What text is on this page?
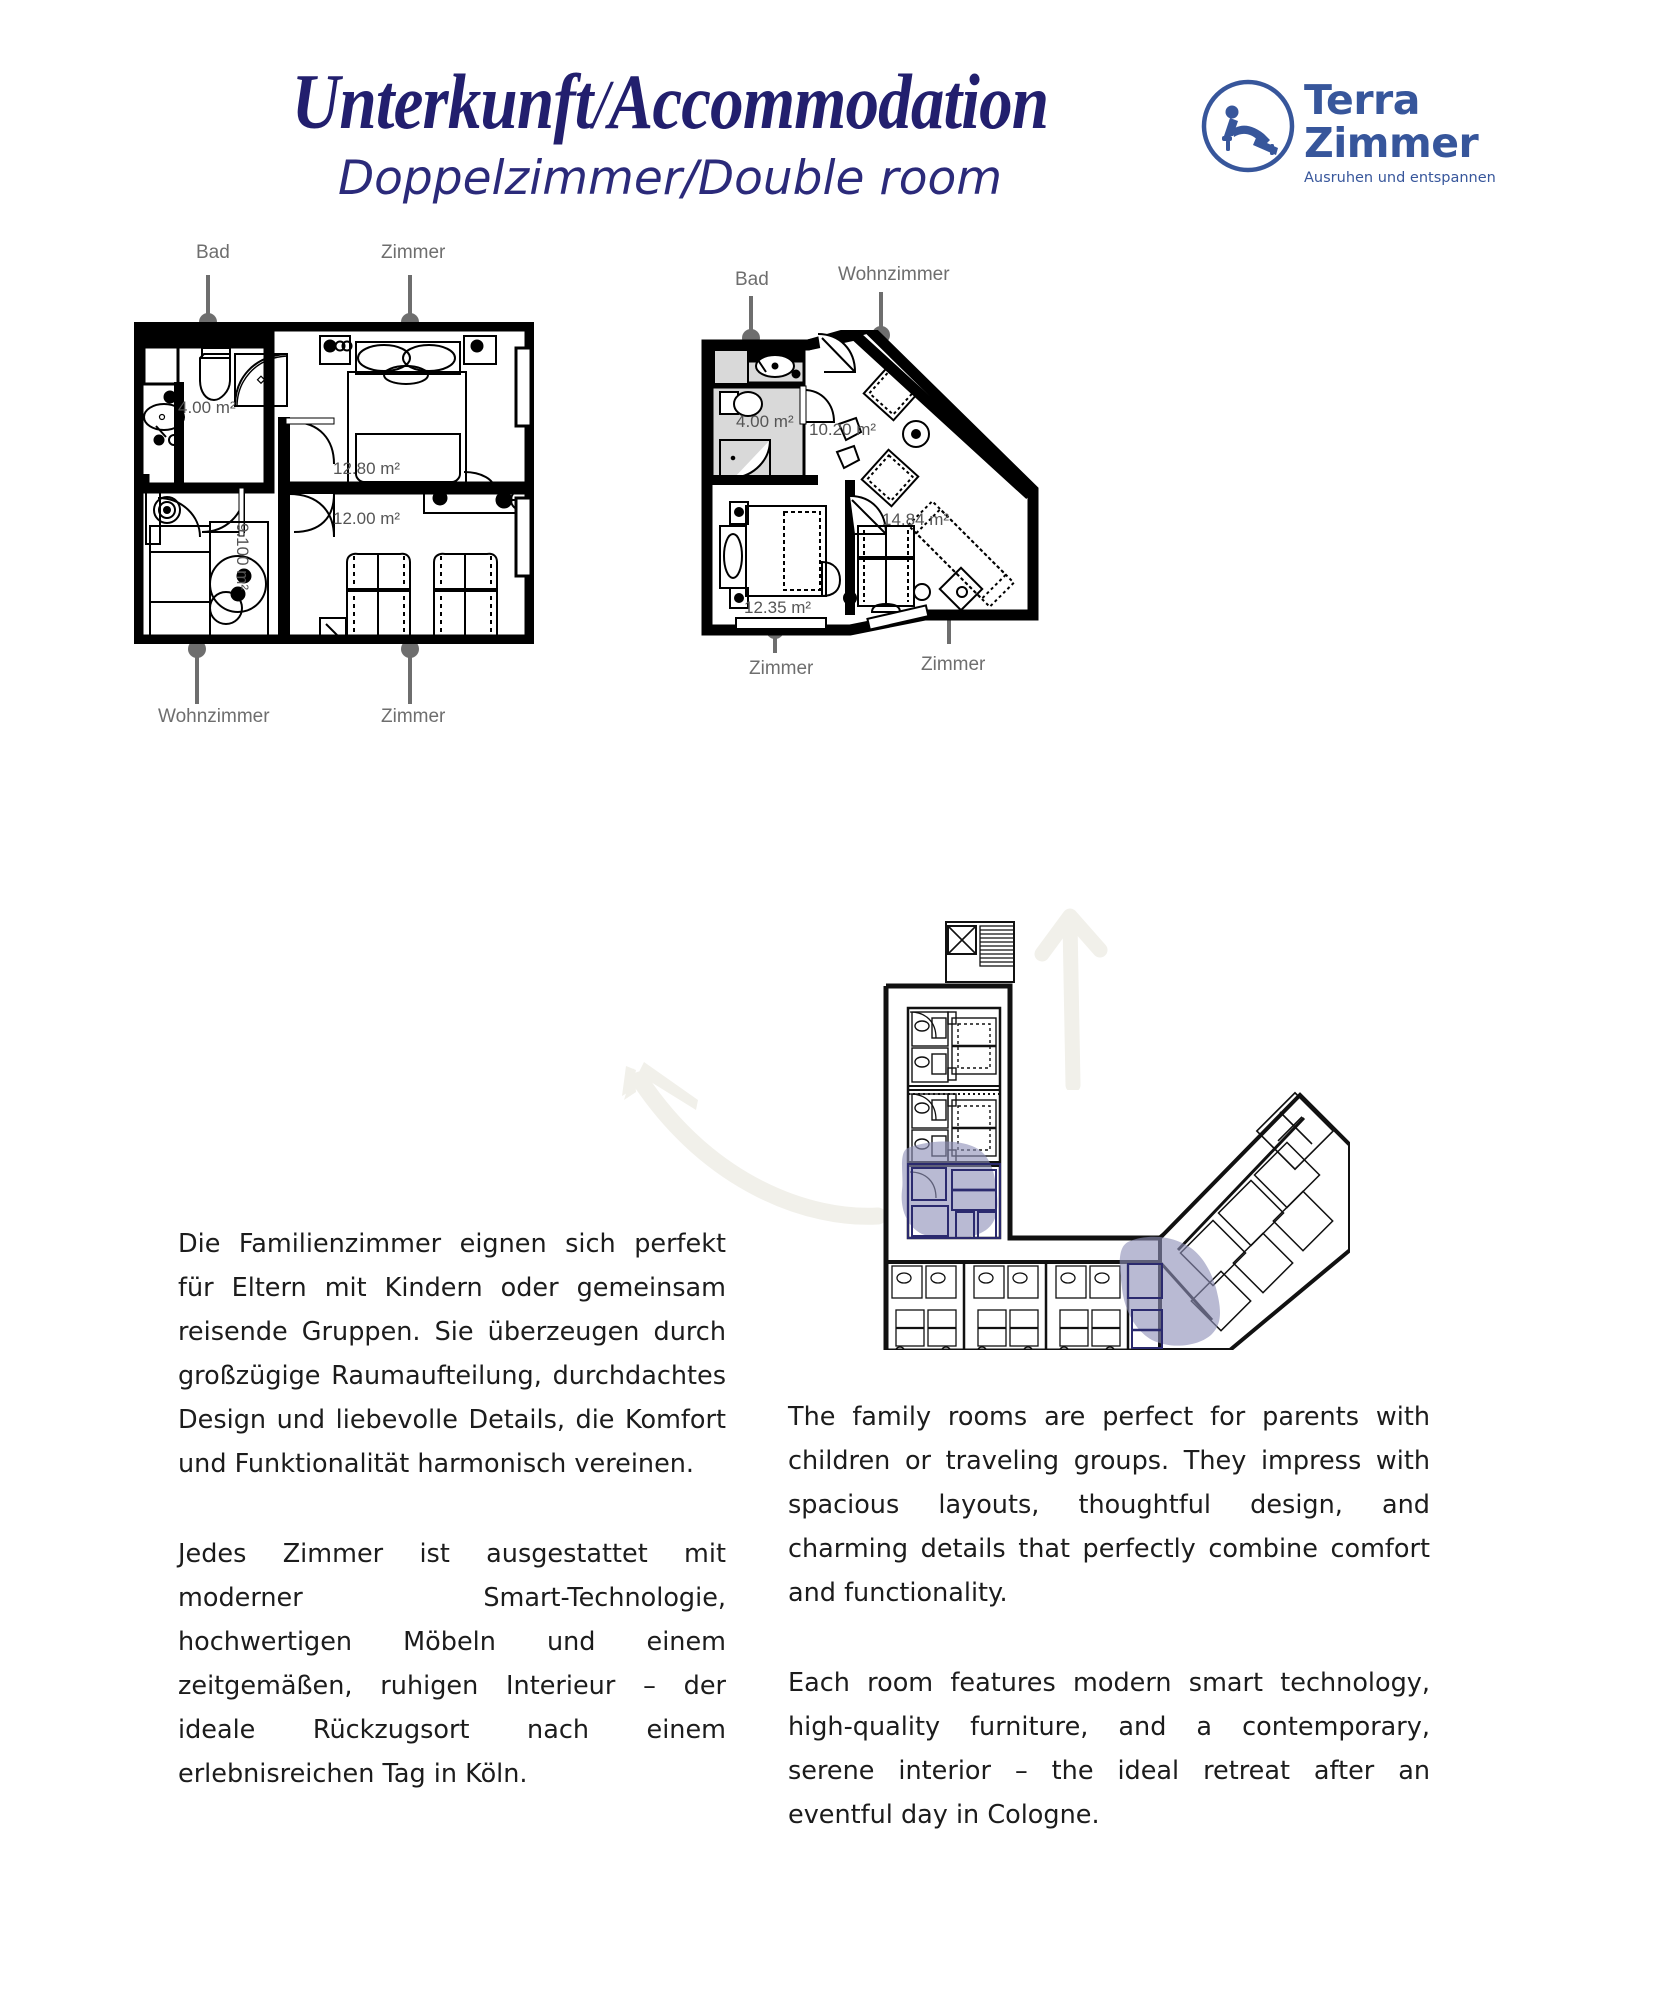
Unterkunft/Accommodation
Doppelzimmer/Double room
Terra
Zimmer
Ausruhen und entspannen
Bad	Zimmer
Wohnzimmer	Zimmer
4.00 m²
12.80 m²
12.00 m²
9.100 m²
Bad	Wohnzimmer
Zimmer	Zimmer
4.00 m² 10.20 m²
14.84 m²
12.35 m²

Die Familienzimmer eignen sich perfekt für Eltern mit Kindern oder gemeinsam reisende Gruppen. Sie überzeugen durch großzügige Raumaufteilung, durchdachtes Design und liebevolle Details, die Komfort und Funktionalität harmonisch vereinen.

Jedes Zimmer ist ausgestattet mit moderner Smart-Technologie, hochwertigen Möbeln und einem zeitgemäßen, ruhigen Interieur – der ideale Rückzugsort nach einem erlebnisreichen Tag in Köln.

The family rooms are perfect for parents with children or traveling groups. They impress with spacious layouts, thoughtful design, and charming details that perfectly combine comfort and functionality.

Each room features modern smart technology, high-quality furniture, and a contemporary, serene interior – the ideal retreat after an eventful day in Cologne.
